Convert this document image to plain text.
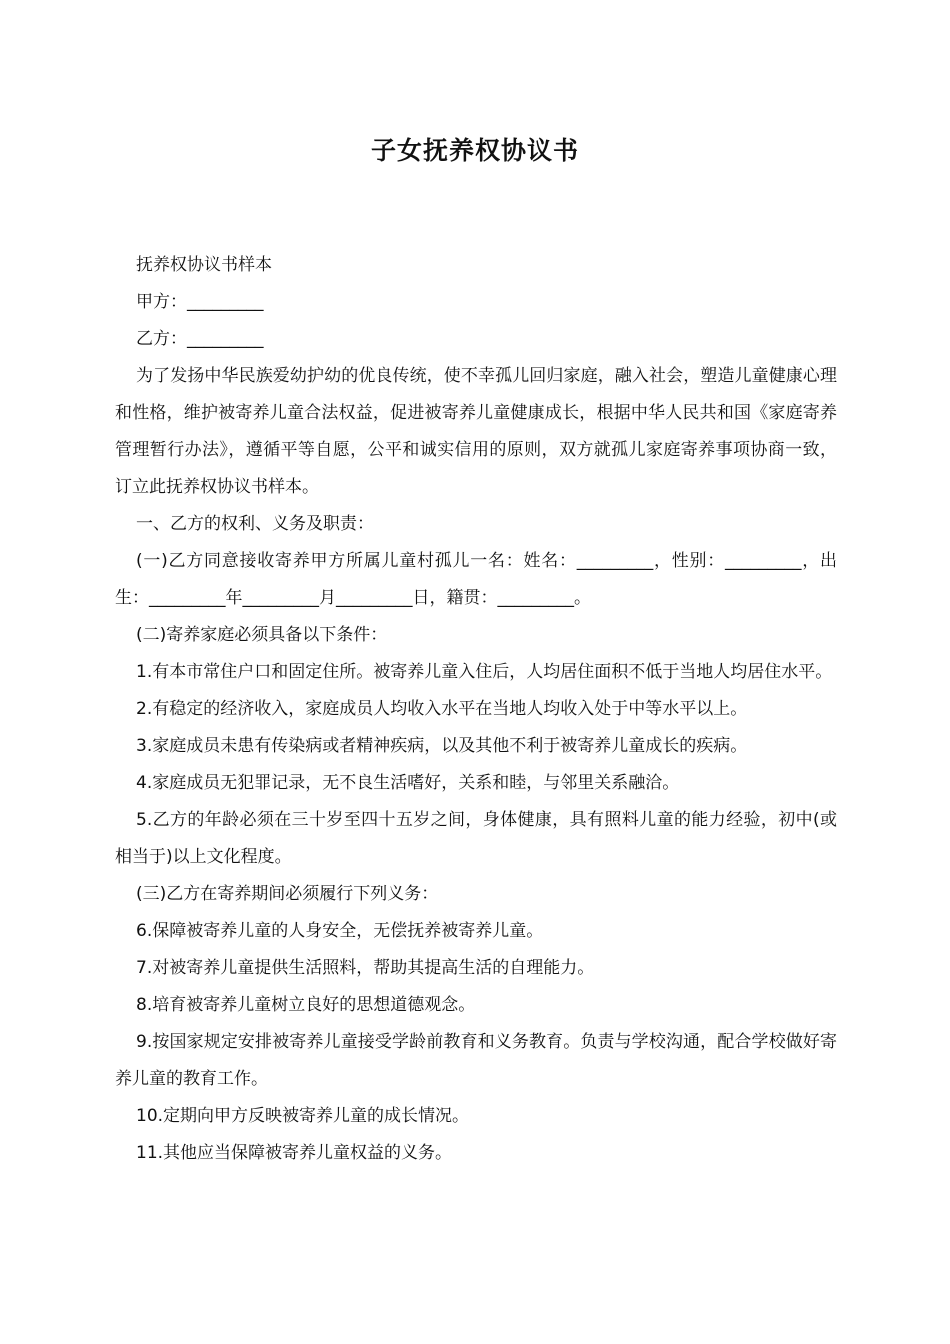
子女抚养权协议书

抚养权协议书样本

甲方：_________

乙方：_________

为了发扬中华民族爱幼护幼的优良传统，使不幸孤儿回归家庭，融入社会，塑造儿童健康心理和性格，维护被寄养儿童合法权益，促进被寄养儿童健康成长，根据中华人民共和国《家庭寄养管理暂行办法》，遵循平等自愿，公平和诚实信用的原则，双方就孤儿家庭寄养事项协商一致，订立此抚养权协议书样本。

一、乙方的权利、义务及职责：

(一)乙方同意接收寄养甲方所属儿童村孤儿一名：姓名：_________，性别：_________，出生：_________年_________月_________日，籍贯：_________。

(二)寄养家庭必须具备以下条件：

1.有本市常住户口和固定住所。被寄养儿童入住后，人均居住面积不低于当地人均居住水平。

2.有稳定的经济收入，家庭成员人均收入水平在当地人均收入处于中等水平以上。

3.家庭成员未患有传染病或者精神疾病，以及其他不利于被寄养儿童成长的疾病。

4.家庭成员无犯罪记录，无不良生活嗜好，关系和睦，与邻里关系融洽。

5.乙方的年龄必须在三十岁至四十五岁之间，身体健康，具有照料儿童的能力经验，初中(或相当于)以上文化程度。

(三)乙方在寄养期间必须履行下列义务：

6.保障被寄养儿童的人身安全，无偿抚养被寄养儿童。

7.对被寄养儿童提供生活照料，帮助其提高生活的自理能力。

8.培育被寄养儿童树立良好的思想道德观念。

9.按国家规定安排被寄养儿童接受学龄前教育和义务教育。负责与学校沟通，配合学校做好寄养儿童的教育工作。

10.定期向甲方反映被寄养儿童的成长情况。

11.其他应当保障被寄养儿童权益的义务。
